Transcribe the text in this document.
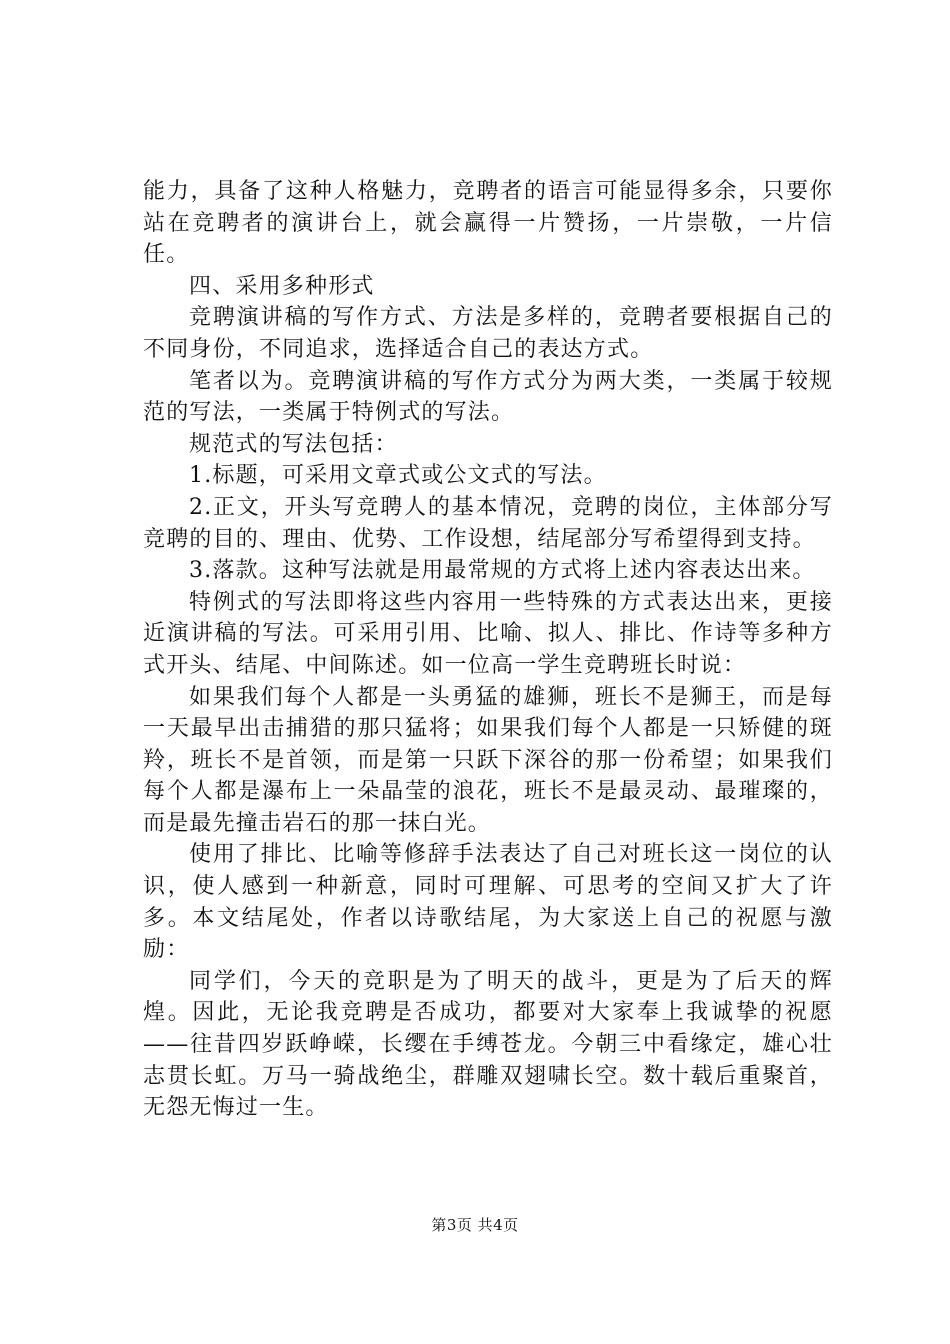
能力，具备了这种人格魅力，竞聘者的语言可能显得多余，只要你站在竞聘者的演讲台上，就会赢得一片赞扬，一片崇敬，一片信任。

四、采用多种形式

竞聘演讲稿的写作方式、方法是多样的，竞聘者要根据自己的不同身份，不同追求，选择适合自己的表达方式。

笔者以为。竞聘演讲稿的写作方式分为两大类，一类属于较规范的写法，一类属于特例式的写法。

规范式的写法包括：

1.标题，可采用文章式或公文式的写法。

2.正文，开头写竞聘人的基本情况，竞聘的岗位，主体部分写竞聘的目的、理由、优势、工作设想，结尾部分写希望得到支持。

3.落款。这种写法就是用最常规的方式将上述内容表达出来。

特例式的写法即将这些内容用一些特殊的方式表达出来，更接近演讲稿的写法。可采用引用、比喻、拟人、排比、作诗等多种方式开头、结尾、中间陈述。如一位高一学生竞聘班长时说：

如果我们每个人都是一头勇猛的雄狮，班长不是狮王，而是每一天最早出击捕猎的那只猛将；如果我们每个人都是一只矫健的斑羚，班长不是首领，而是第一只跃下深谷的那一份希望；如果我们每个人都是瀑布上一朵晶莹的浪花，班长不是最灵动、最璀璨的，而是最先撞击岩石的那一抹白光。

使用了排比、比喻等修辞手法表达了自己对班长这一岗位的认识，使人感到一种新意，同时可理解、可思考的空间又扩大了许多。本文结尾处，作者以诗歌结尾，为大家送上自己的祝愿与激励：

同学们，今天的竞职是为了明天的战斗，更是为了后天的辉煌。因此，无论我竞聘是否成功，都要对大家奉上我诚挚的祝愿——往昔四岁跃峥嵘，长缨在手缚苍龙。今朝三中看缘定，雄心壮志贯长虹。万马一骑战绝尘，群雕双翅啸长空。数十载后重聚首，无怨无悔过一生。

第3页 共4页
